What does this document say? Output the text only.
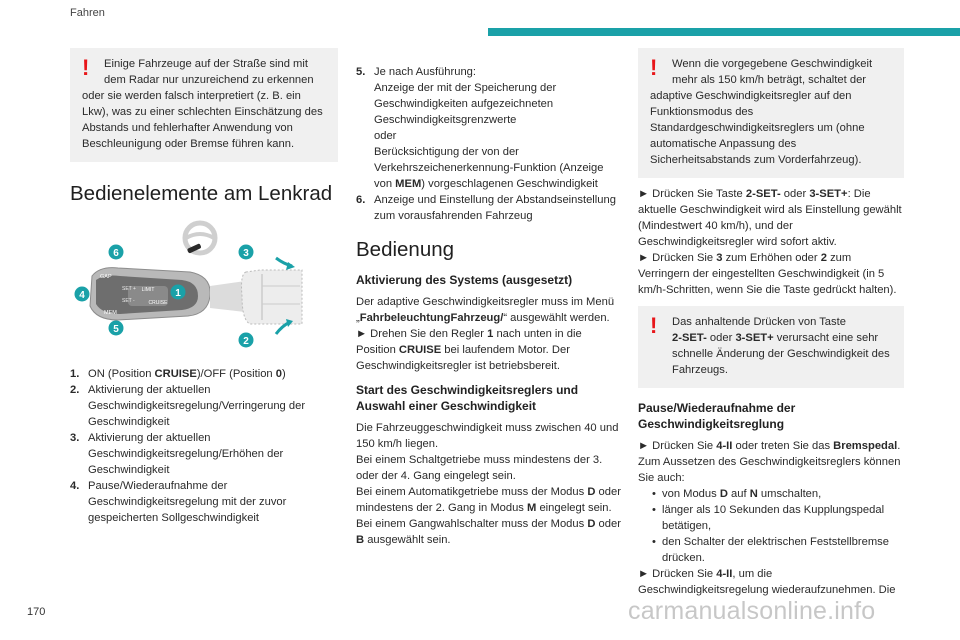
Fahren
!	Einige Fahrzeuge auf der Straße sind mit

dem Radar nur unzureichend zu erkennen oder sie werden falsch interpretiert (z. B. ein Lkw), was zu einer schlechten Einschätzung des Abstands und fehlerhafter Anwendung von Beschleunigung oder Bremse führen kann.

Bedienelemente am Lenkrad
LIMIT
CRUISE
SET +
SET -
GAP
MEM
6	3
1
4
5
2
1. ON (Position CRUISE)/OFF (Position 0)
2. Aktivierung der aktuellen Geschwindigkeitsregelung/Verringerung der Geschwindigkeit
3. Aktivierung der aktuellen Geschwindigkeitsregelung/Erhöhen der Geschwindigkeit
4. Pause/Wiederaufnahme der Geschwindigkeitsregelung mit der zuvor gespeicherten Sollgeschwindigkeit
5. Je nach Ausführung:
Anzeige der mit der Speicherung der Geschwindigkeiten aufgezeichneten Geschwindigkeitsgrenzwerte
oder
Berücksichtigung der von der Verkehrszeichenerkennung-Funktion (Anzeige von MEM) vorgeschlagenen Geschwindigkeit
6. Anzeige und Einstellung der Abstandseinstellung zum vorausfahrenden Fahrzeug
Bedienung
Aktivierung des Systems (ausgesetzt)

Der adaptive Geschwindigkeitsregler muss im Menü „FahrbeleuchtungFahrzeug/“ ausgewählt werden.

► Drehen Sie den Regler 1 nach unten in die Position CRUISE bei laufendem Motor. Der Geschwindigkeitsregler ist betriebsbereit.

Start des Geschwindigkeitsreglers und Auswahl einer Geschwindigkeit

Die Fahrzeuggeschwindigkeit muss zwischen 40 und 150 km/h liegen.

Bei einem Schaltgetriebe muss mindestens der 3. oder der 4. Gang eingelegt sein.

Bei einem Automatikgetriebe muss der Modus D oder mindestens der 2. Gang in Modus M eingelegt sein.

Bei einem Gangwahlschalter muss der Modus D oder B ausgewählt sein.

!	Wenn die vorgegebene Geschwindigkeit

mehr als 150 km/h beträgt, schaltet der adaptive Geschwindigkeitsregler auf den Funktionsmodus des Standardgeschwindigkeitsreglers um (ohne automatische Anpassung des Sicherheitsabstands zum Vorderfahrzeug).

► Drücken Sie Taste 2-SET- oder 3-SET+: Die aktuelle Geschwindigkeit wird als Einstellung gewählt (Mindestwert 40 km/h), und der Geschwindigkeitsregler wird sofort aktiv.

► Drücken Sie 3 zum Erhöhen oder 2 zum Verringern der eingestellten Geschwindigkeit (in 5 km/h-Schritten, wenn Sie die Taste gedrückt halten).

!	Das anhaltende Drücken von Taste

2-SET- oder 3-SET+ verursacht eine sehr schnelle Änderung der Geschwindigkeit des Fahrzeugs.

Pause/Wiederaufnahme der Geschwindigkeitsreglung

► Drücken Sie 4-II oder treten Sie das Bremspedal. Zum Aussetzen des Geschwindigkeitsreglers können Sie auch:

• von Modus D auf N umschalten,
• länger als 10 Sekunden das Kupplungspedal betätigen,
• den Schalter der elektrischen Feststellbremse drücken.

► Drücken Sie 4-II, um die Geschwindigkeitsregelung wiederaufzunehmen. Die

170	carmanualsonline.info
